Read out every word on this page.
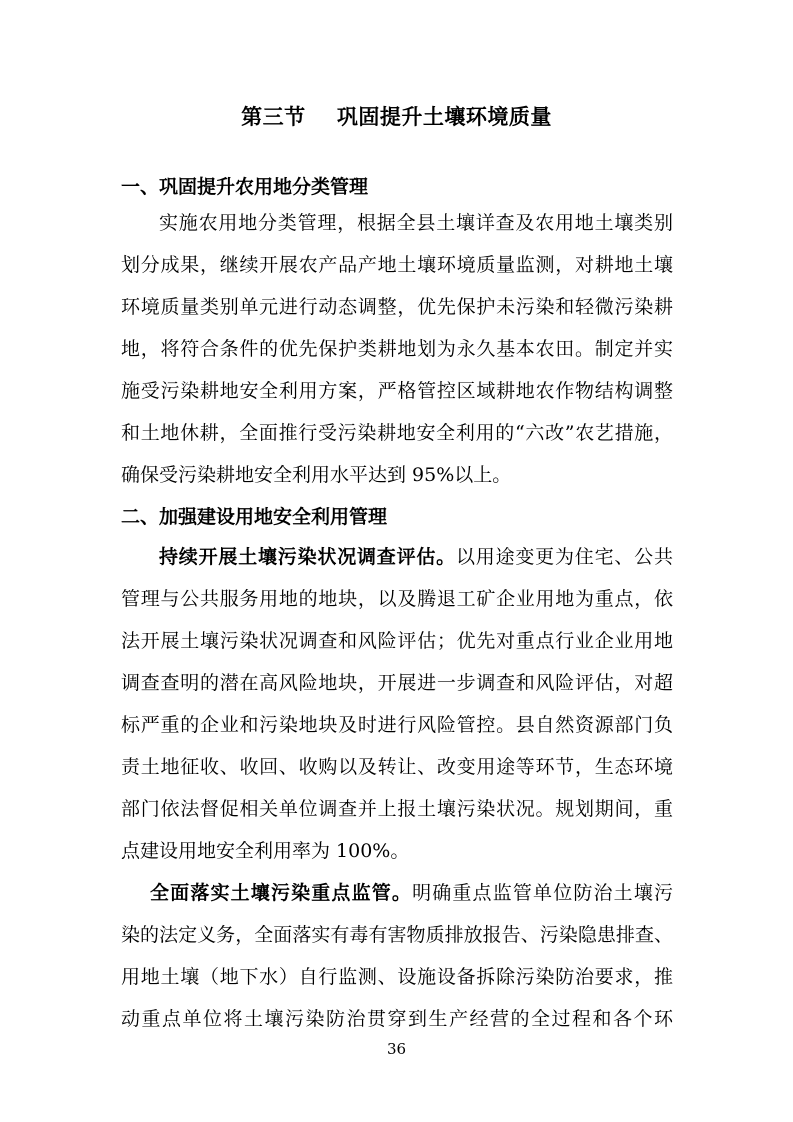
第三节    巩固提升土壤环境质量
一、巩固提升农用地分类管理
实施农用地分类管理，根据全县土壤详查及农用地土壤类别
划分成果，继续开展农产品产地土壤环境质量监测，对耕地土壤
环境质量类别单元进行动态调整，优先保护未污染和轻微污染耕
地，将符合条件的优先保护类耕地划为永久基本农田。制定并实
施受污染耕地安全利用方案，严格管控区域耕地农作物结构调整
和土地休耕，全面推行受污染耕地安全利用的“六改”农艺措施，
确保受污染耕地安全利用水平达到 95%以上。
二、加强建设用地安全利用管理
持续开展土壤污染状况调查评估。以用途变更为住宅、公共
管理与公共服务用地的地块，以及腾退工矿企业用地为重点，依
法开展土壤污染状况调查和风险评估；优先对重点行业企业用地
调查查明的潜在高风险地块，开展进一步调查和风险评估，对超
标严重的企业和污染地块及时进行风险管控。县自然资源部门负
责土地征收、收回、收购以及转让、改变用途等环节，生态环境
部门依法督促相关单位调查并上报土壤污染状况。规划期间，重
点建设用地安全利用率为 100%。
全面落实土壤污染重点监管。明确重点监管单位防治土壤污
染的法定义务，全面落实有毒有害物质排放报告、污染隐患排查、
用地土壤（地下水）自行监测、设施设备拆除污染防治要求，推
动重点单位将土壤污染防治贯穿到生产经营的全过程和各个环
36
